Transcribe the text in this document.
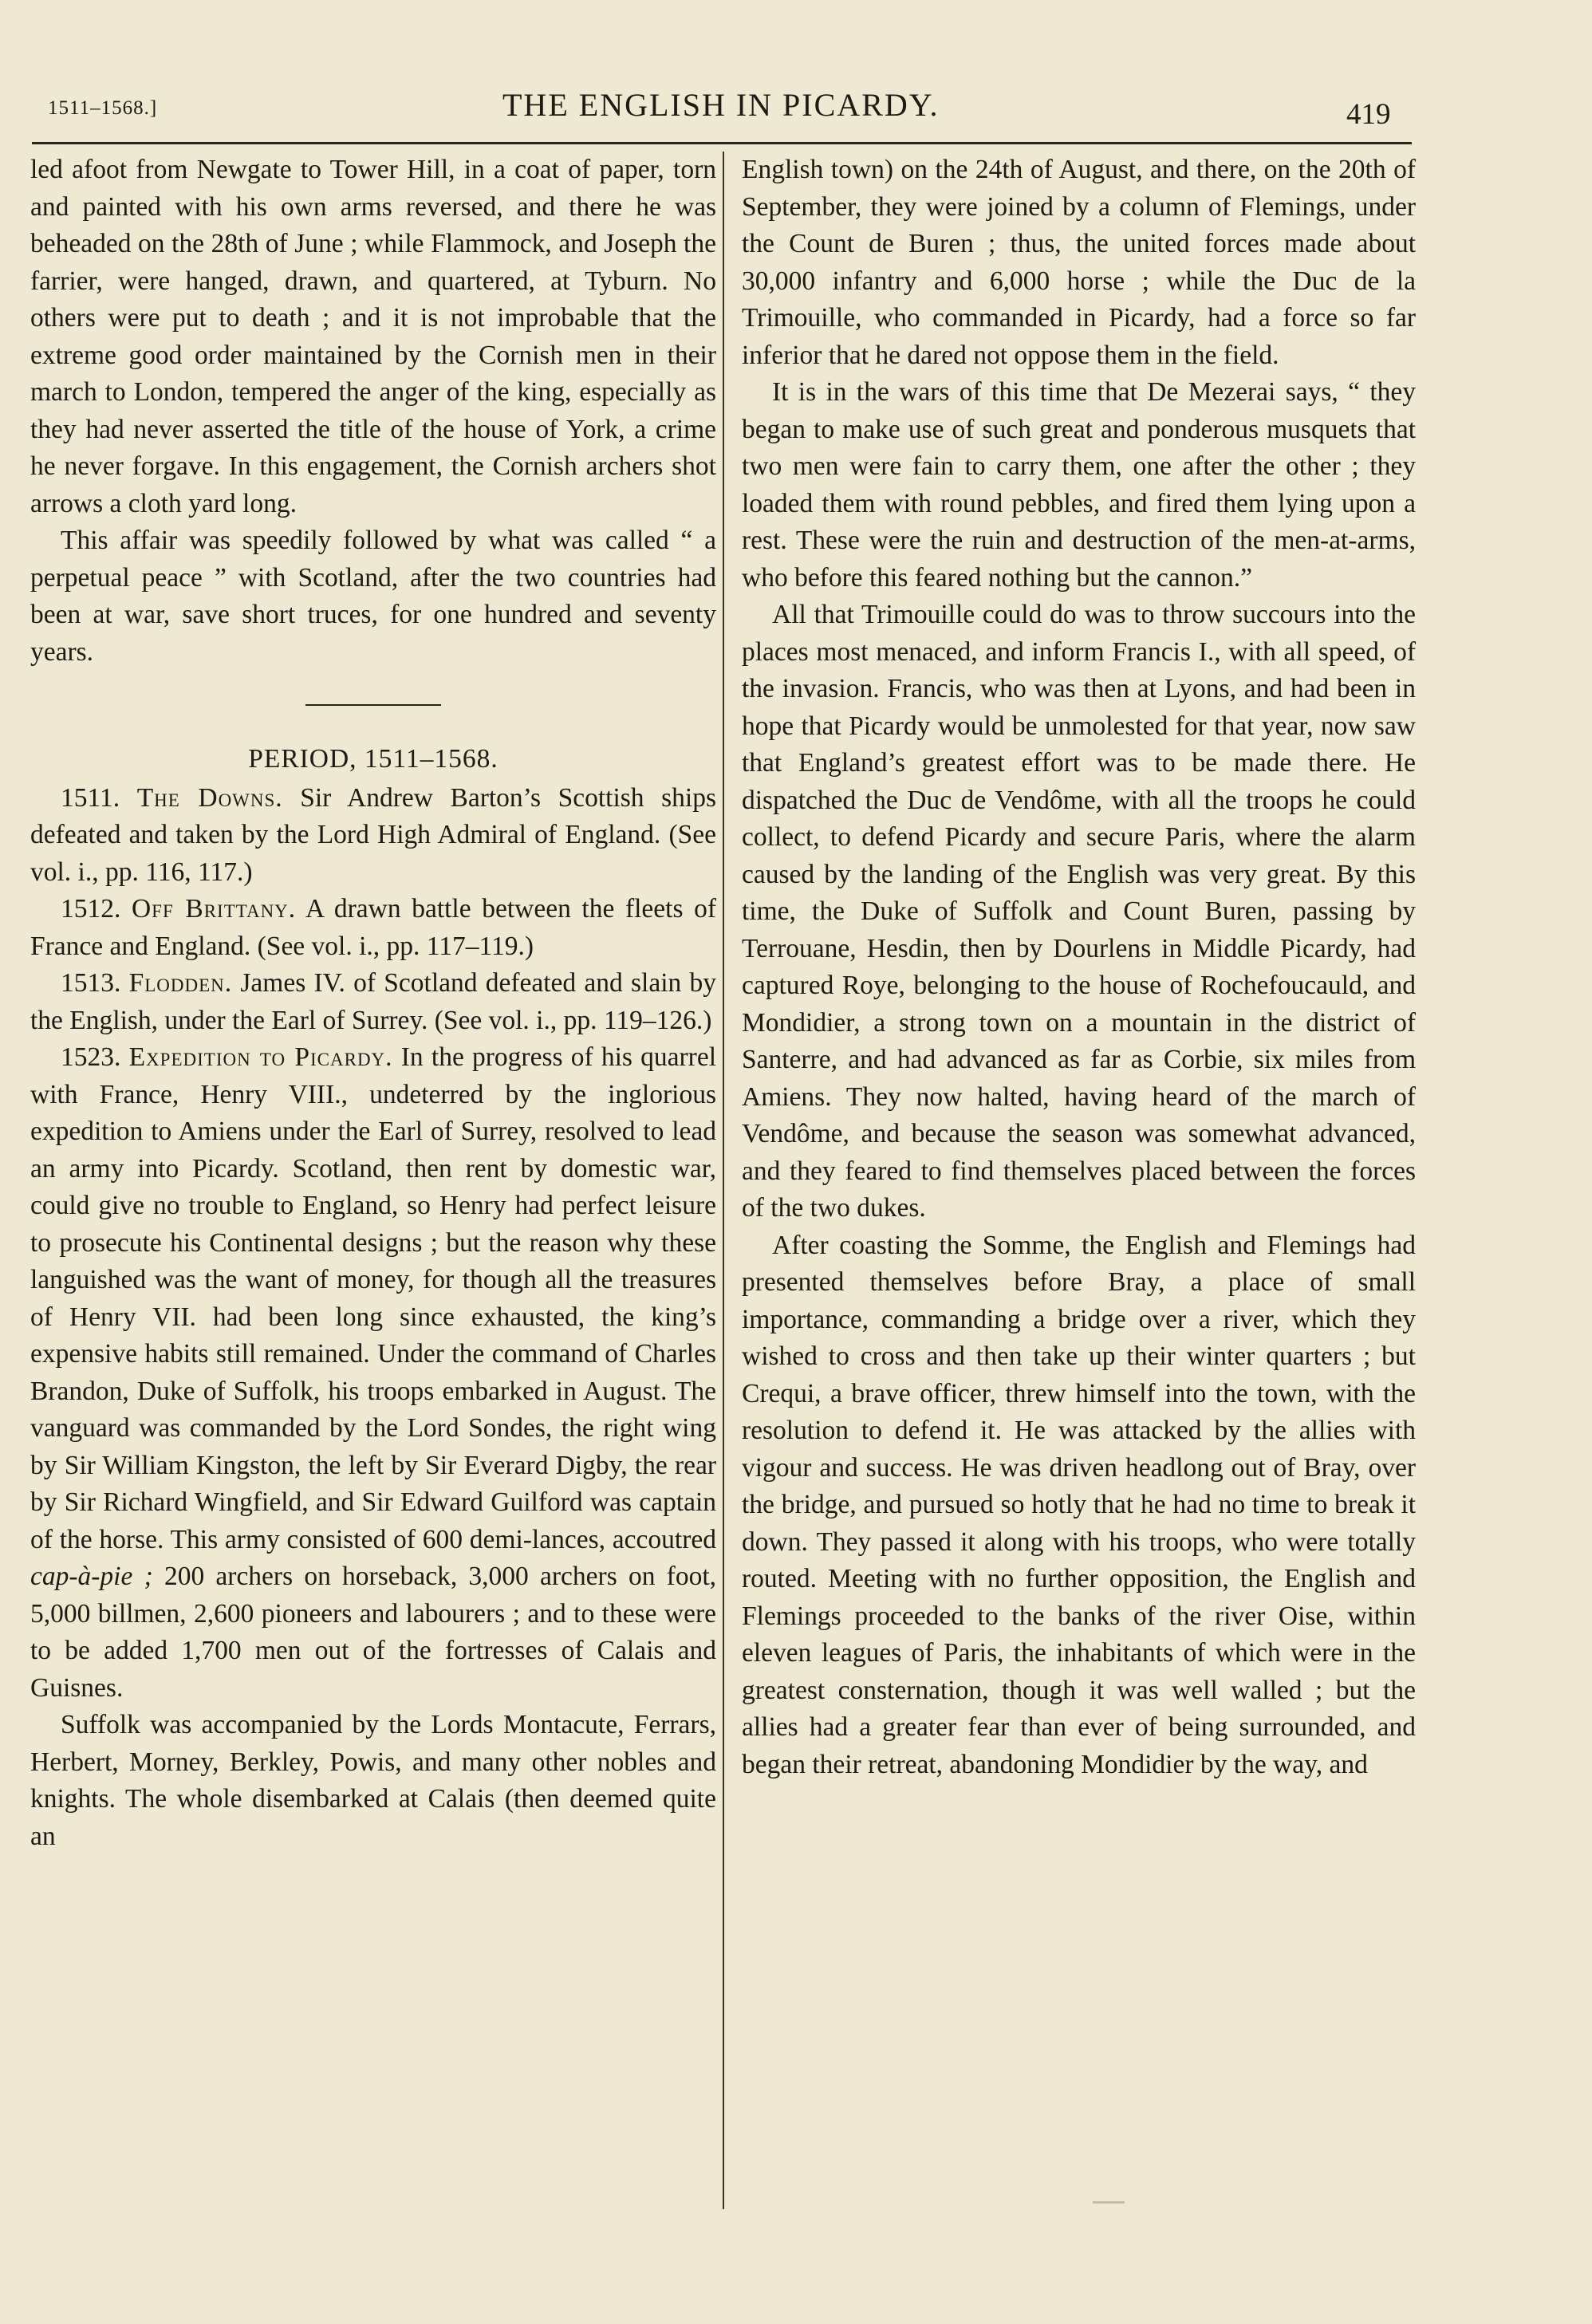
1511–1568.]	THE ENGLISH IN PICARDY.	419

led afoot from Newgate to Tower Hill, in a coat of paper, torn and painted with his own arms reversed, and there he was beheaded on the 28th of June ; while Flammock, and Joseph the farrier, were hanged, drawn, and quartered, at Tyburn. No others were put to death ; and it is not improbable that the extreme good order maintained by the Cornish men in their march to London, tempered the anger of the king, especially as they had never asserted the title of the house of York, a crime he never forgave. In this engagement, the Cornish archers shot arrows a cloth yard long.

This affair was speedily followed by what was called “ a perpetual peace ” with Scotland, after the two countries had been at war, save short truces, for one hundred and seventy years.

PERIOD, 1511–1568.

1511. The Downs. Sir Andrew Barton’s Scottish ships defeated and taken by the Lord High Admiral of England. (See vol. i., pp. 116, 117.)

1512. Off Brittany. A drawn battle between the fleets of France and England. (See vol. i., pp. 117–119.)

1513. Flodden. James IV. of Scotland defeated and slain by the English, under the Earl of Surrey. (See vol. i., pp. 119–126.)

1523. Expedition to Picardy. In the progress of his quarrel with France, Henry VIII., undeterred by the inglorious expedition to Amiens under the Earl of Surrey, resolved to lead an army into Picardy. Scotland, then rent by domestic war, could give no trouble to England, so Henry had perfect leisure to prosecute his Continental designs ; but the reason why these languished was the want of money, for though all the treasures of Henry VII. had been long since exhausted, the king’s expensive habits still remained. Under the command of Charles Brandon, Duke of Suffolk, his troops embarked in August. The vanguard was commanded by the Lord Sondes, the right wing by Sir William Kingston, the left by Sir Everard Digby, the rear by Sir Richard Wingfield, and Sir Edward Guilford was captain of the horse. This army consisted of 600 demi-lances, accoutred cap-à-pie ; 200 archers on horseback, 3,000 archers on foot, 5,000 billmen, 2,600 pioneers and labourers ; and to these were to be added 1,700 men out of the fortresses of Calais and Guisnes.

Suffolk was accompanied by the Lords Montacute, Ferrars, Herbert, Morney, Berkley, Powis, and many other nobles and knights. The whole disembarked at Calais (then deemed quite an

English town) on the 24th of August, and there, on the 20th of September, they were joined by a column of Flemings, under the Count de Buren ; thus, the united forces made about 30,000 infantry and 6,000 horse ; while the Duc de la Trimouille, who commanded in Picardy, had a force so far inferior that he dared not oppose them in the field.

It is in the wars of this time that De Mezerai says, “ they began to make use of such great and ponderous musquets that two men were fain to carry them, one after the other ; they loaded them with round pebbles, and fired them lying upon a rest. These were the ruin and destruction of the men-at-arms, who before this feared nothing but the cannon.”

All that Trimouille could do was to throw succours into the places most menaced, and inform Francis I., with all speed, of the invasion. Francis, who was then at Lyons, and had been in hope that Picardy would be unmolested for that year, now saw that England’s greatest effort was to be made there. He dispatched the Duc de Vendôme, with all the troops he could collect, to defend Picardy and secure Paris, where the alarm caused by the landing of the English was very great. By this time, the Duke of Suffolk and Count Buren, passing by Terrouane, Hesdin, then by Dourlens in Middle Picardy, had captured Roye, belonging to the house of Rochefoucauld, and Mondidier, a strong town on a mountain in the district of Santerre, and had advanced as far as Corbie, six miles from Amiens. They now halted, having heard of the march of Vendôme, and because the season was somewhat advanced, and they feared to find themselves placed between the forces of the two dukes.

After coasting the Somme, the English and Flemings had presented themselves before Bray, a place of small importance, commanding a bridge over a river, which they wished to cross and then take up their winter quarters ; but Crequi, a brave officer, threw himself into the town, with the resolution to defend it. He was attacked by the allies with vigour and success. He was driven headlong out of Bray, over the bridge, and pursued so hotly that he had no time to break it down. They passed it along with his troops, who were totally routed. Meeting with no further opposition, the English and Flemings proceeded to the banks of the river Oise, within eleven leagues of Paris, the inhabitants of which were in the greatest consternation, though it was well walled ; but the allies had a greater fear than ever of being surrounded, and began their retreat, abandoning Mondidier by the way, and
